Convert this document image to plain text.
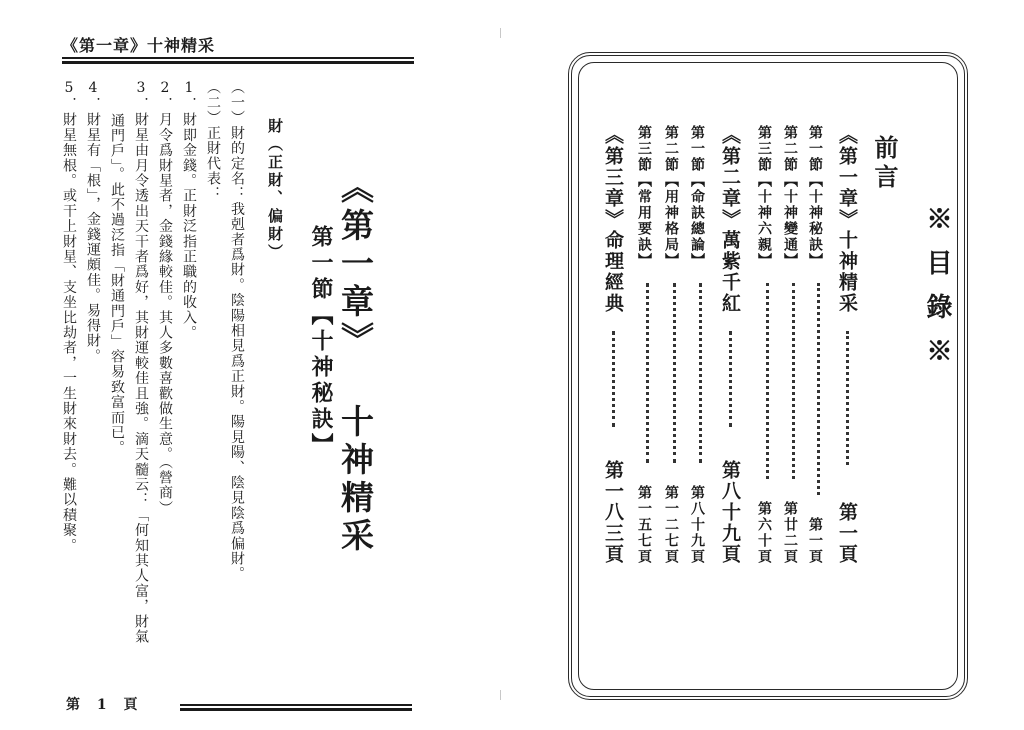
《第一章》十神精采
《第一章》 十神精采
第一節【十神秘訣】
財（正財、偏財）
（一）財的定名：我剋者爲財。陰陽相見爲正財。陽見陽、陰見陰爲偏財。
（二）正財代表：
1．財即金錢。正財泛指正職的收入。
2．月令爲財星者，金錢緣較佳。其人多數喜歡做生意。（營商）
3．財星由月令透出天干者爲好，其財運較佳且強。滴天髓云：「何知其人富，財氣
通門戶」。此不過泛指「財通門戶」容易致富而已。
4．財星有「根」，金錢運頗佳。易得財。
5．財星無根。或干上財星、支坐比劫者，一生財來財去。難以積聚。
第 1 頁
※目錄※
前言
《第一章》十神精采
第一頁
第一節【十神秘訣】
第一頁
第二節【十神變通】
第廿二頁
第三節【十神六親】
第六十頁
《第二章》萬紫千紅
第八十九頁
第一節【命訣總論】
第八十九頁
第二節【用神格局】
第一二七頁
第三節【常用要訣】
第一五七頁
《第三章》命理經典
第一八三頁
